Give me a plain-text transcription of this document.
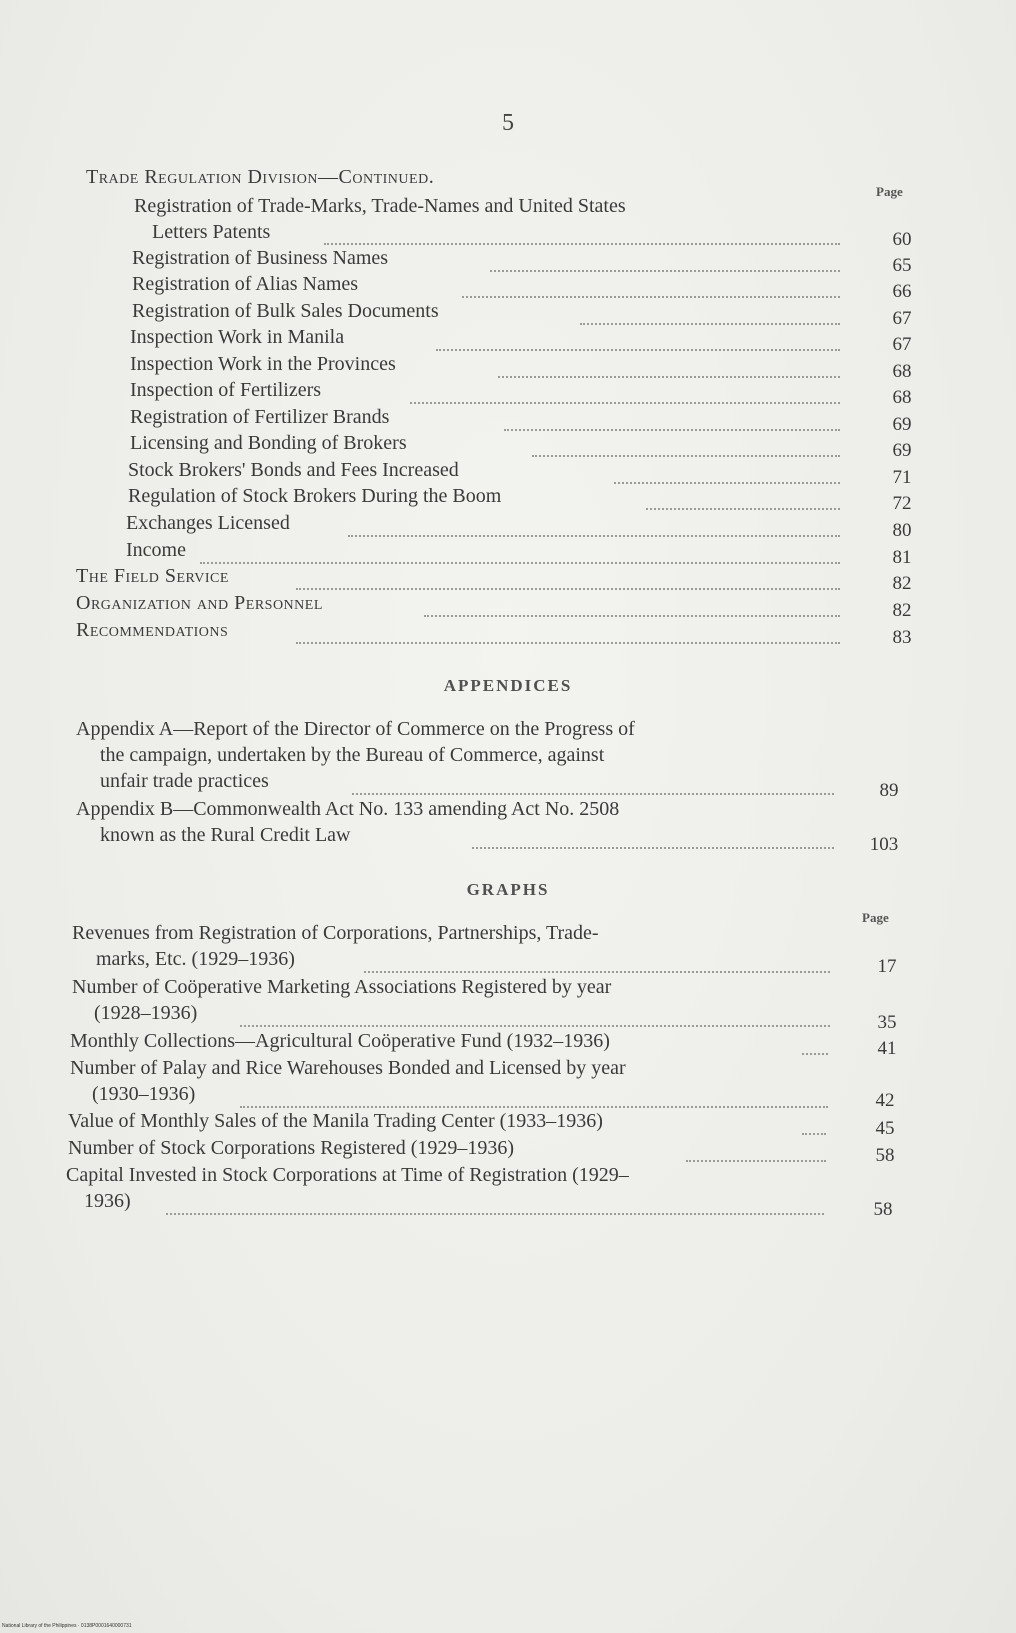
5
Page
Trade Regulation Division—Continued.
Registration of Trade-Marks, Trade-Names and United States
Letters Patents	60
Registration of Business Names	65
Registration of Alias Names	66
Registration of Bulk Sales Documents	67
Inspection Work in Manila	67
Inspection Work in the Provinces	68
Inspection of Fertilizers	68
Registration of Fertilizer Brands	69
Licensing and Bonding of Brokers	69
Stock Brokers' Bonds and Fees Increased	71
Regulation of Stock Brokers During the Boom	72
Exchanges Licensed	80
Income	81
The Field Service	82
Organization and Personnel	82
Recommendations	83
APPENDICES
Appendix A—Report of the Director of Commerce on the Progress of
the campaign, undertaken by the Bureau of Commerce, against
unfair trade practices	89
Appendix B—Commonwealth Act No. 133 amending Act No. 2508
known as the Rural Credit Law	103
GRAPHS
Page
Revenues from Registration of Corporations, Partnerships, Trade-
marks, Etc. (1929–1936)	17
Number of Coöperative Marketing Associations Registered by year
(1928–1936)	35
Monthly Collections—Agricultural Coöperative Fund (1932–1936)	41
Number of Palay and Rice Warehouses Bonded and Licensed by year
(1930–1936)	42
Value of Monthly Sales of the Manila Trading Center (1933–1936)	45
Number of Stock Corporations Registered (1929–1936)	58
Capital Invested in Stock Corporations at Time of Registration (1929–
1936)	58
National Library of the Philippines · 0138P0001640000731
